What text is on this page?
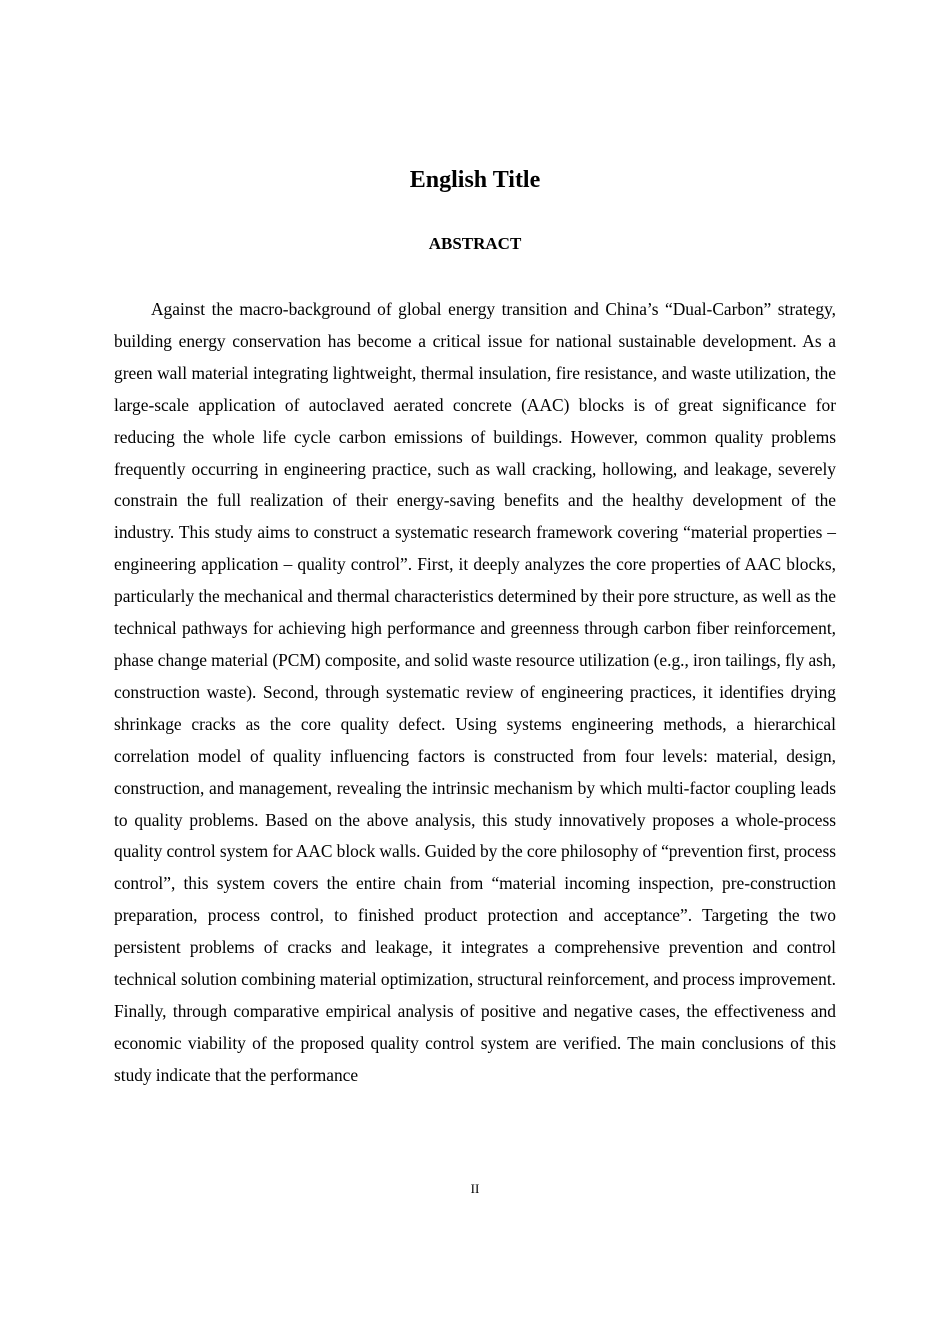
English Title
ABSTRACT

Against the macro-background of global energy transition and China’s “Dual-Carbon” strategy, building energy conservation has become a critical issue for national sustainable development. As a green wall material integrating lightweight, thermal insulation, fire resistance, and waste utilization, the large-scale application of autoclaved aerated concrete (AAC) blocks is of great significance for reducing the whole life cycle carbon emissions of buildings. However, common quality problems frequently occurring in engineering practice, such as wall cracking, hollowing, and leakage, severely constrain the full realization of their energy-saving benefits and the healthy development of the industry. This study aims to construct a systematic research framework covering “material properties – engineering application – quality control”. First, it deeply analyzes the core properties of AAC blocks, particularly the mechanical and thermal characteristics determined by their pore structure, as well as the technical pathways for achieving high performance and greenness through carbon fiber reinforcement, phase change material (PCM) composite, and solid waste resource utilization (e.g., iron tailings, fly ash, construction waste). Second, through systematic review of engineering practices, it identifies drying shrinkage cracks as the core quality defect. Using systems engineering methods, a hierarchical correlation model of quality influencing factors is constructed from four levels: material, design, construction, and management, revealing the intrinsic mechanism by which multi-factor coupling leads to quality problems. Based on the above analysis, this study innovatively proposes a whole-process quality control system for AAC block walls. Guided by the core philosophy of “prevention first, process control”, this system covers the entire chain from “material incoming inspection, pre-construction preparation, process control, to finished product protection and acceptance”. Targeting the two persistent problems of cracks and leakage, it integrates a comprehensive prevention and control technical solution combining material optimization, structural reinforcement, and process improvement. Finally, through comparative empirical analysis of positive and negative cases, the effectiveness and economic viability of the proposed quality control system are verified. The main conclusions of this study indicate that the performance

II
